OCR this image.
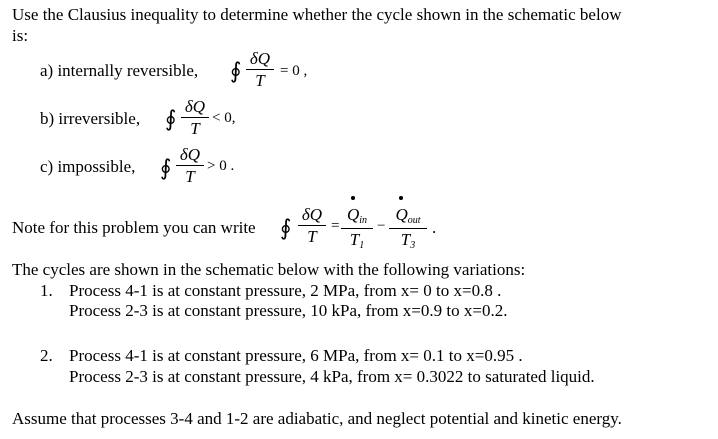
Use the Clausius inequality to determine whether the cycle shown in the schematic below
is:
a) internally reversible, ∮ δQ
T	= 0 ,
b) irreversible, ∮ δQ
T
< 0,
c) impossible, ∮
δQ
T
> 0 .
Note for this problem you can write ∮
δQ
T
=
$Q_{in}$
$T_1$
−
$Q_{out}$
$T_3$
.
The cycles are shown in the schematic below with the following variations:
1. Process 4-1 is at constant pressure, 2 MPa, from x= 0 to x=0.8 .
Process 2-3 is at constant pressure, 10 kPa, from x=0.9 to x=0.2.
2. Process 4-1 is at constant pressure, 6 MPa, from x= 0.1 to x=0.95 .
Process 2-3 is at constant pressure, 4 kPa, from x= 0.3022 to saturated liquid.
Assume that processes 3-4 and 1-2 are adiabatic, and neglect potential and kinetic energy.
